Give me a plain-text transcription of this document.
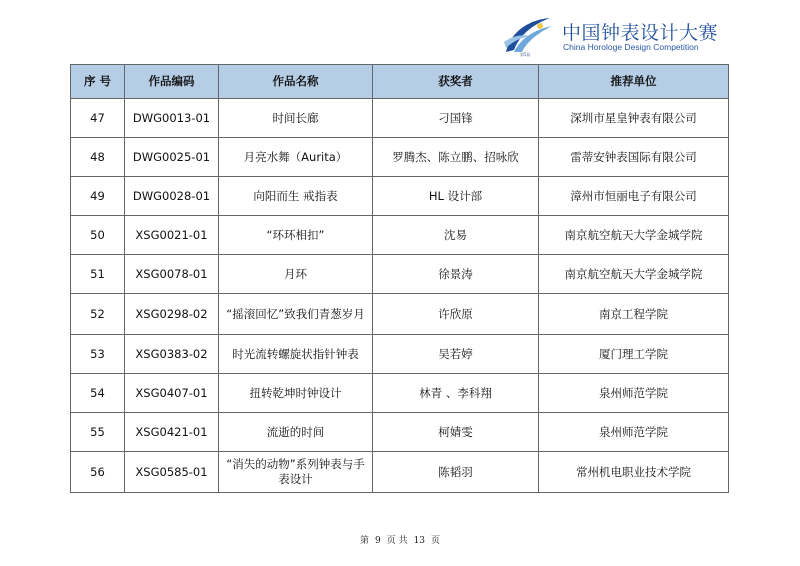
第5届
中国钟表设计大赛
China Horologe Design Competition
序 号	作品编码	作品名称	获奖者	推荐单位
47	DWG0013-01	时间长廊	刁国锋	深圳市星皇钟表有限公司
48	DWG0025-01	月亮水舞（Aurita）	罗腾杰、陈立鹏、招咏欣	雷蒂安钟表国际有限公司
49	DWG0028-01	向阳而生 戒指表	HL 设计部	漳州市恒丽电子有限公司
50	XSG0021-01	“环环相扣”	沈易	南京航空航天大学金城学院
51	XSG0078-01	月环	徐景涛	南京航空航天大学金城学院
52	XSG0298-02	“摇滚回忆”致我们青葱岁月	许欣原	南京工程学院
53	XSG0383-02	时光流转螺旋状指针钟表	吴若婷	厦门理工学院
54	XSG0407-01	扭转乾坤时钟设计	林青 、李科翔	泉州师范学院
55	XSG0421-01	流逝的时间	柯婧雯	泉州师范学院
56	XSG0585-01	“消失的动物”系列钟表与手表设计	陈韬羽	常州机电职业技术学院
第 9 页 共 13 页
